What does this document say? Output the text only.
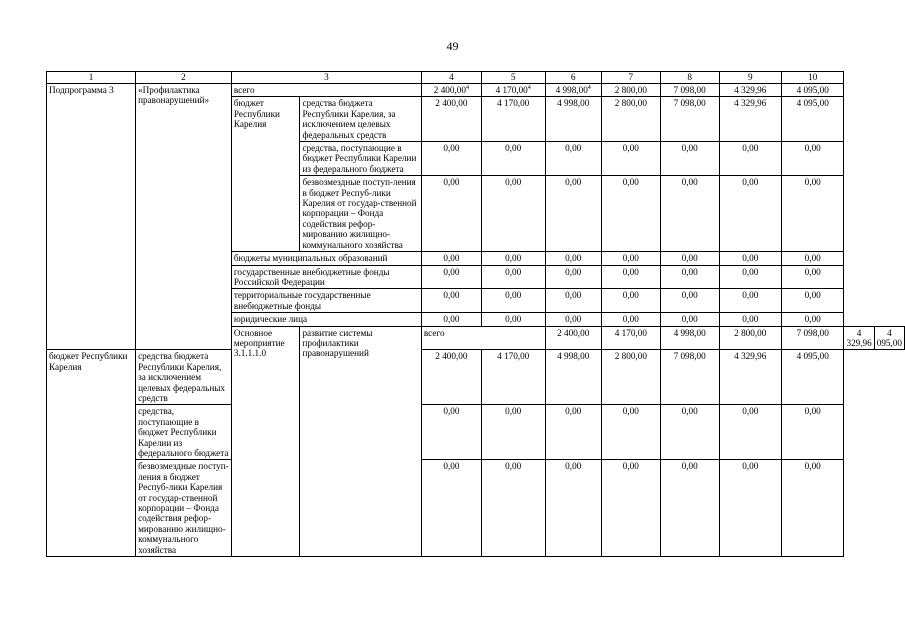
49
1	2	3		4	5	6	7	8	9	10		
Подпрограмма 3	«Профилактика правонарушений»	всего		2 400,00$^4$	4 170,00$^4$	4 998,00$^4$	2 800,00	7 098,00	4 329,96	4 095,00		
		бюджет Республики Карелия	средства бюджета Республики Карелия, за исключением целевых федеральных средств	2 400,00	4 170,00	4 998,00	2 800,00	7 098,00	4 329,96	4 095,00		
			средства, поступающие в бюджет Республики Карелии из федерального бюджета	0,00	0,00	0,00	0,00	0,00	0,00	0,00		
			безвозмездные поступ-ления в бюджет Респуб-лики Карелия от государ-ственной корпорации – Фонда содействия рефор-мированию жилищно-коммунального хозяйства	0,00	0,00	0,00	0,00	0,00	0,00	0,00		
		бюджеты муниципальных образований		0,00	0,00	0,00	0,00	0,00	0,00	0,00		
		государственные внебюджетные фонды Российской Федерации		0,00	0,00	0,00	0,00	0,00	0,00	0,00		
		территориальные государственные внебюджетные фонды		0,00	0,00	0,00	0,00	0,00	0,00	0,00		
		юридические лица		0,00	0,00	0,00	0,00	0,00	0,00	0,00		
		Основное мероприятие 3.1.1.1.0	развитие системы профилактики правонарушений	всего		2 400,00	4 170,00	4 998,00	2 800,00	7 098,00	4 329,96	4 095,00
бюджет Республики Карелия	средства бюджета Республики Карелия, за исключением целевых федеральных средств			2 400,00	4 170,00	4 998,00	2 800,00	7 098,00	4 329,96	4 095,00		
	средства, поступающие в бюджет Республики Карелии из федерального бюджета			0,00	0,00	0,00	0,00	0,00	0,00	0,00		
	безвозмездные поступ-ления в бюджет Респуб-лики Карелия от государ-ственной корпорации – Фонда содействия рефор-мированию жилищно-коммунального хозяйства			0,00	0,00	0,00	0,00	0,00	0,00	0,00		
